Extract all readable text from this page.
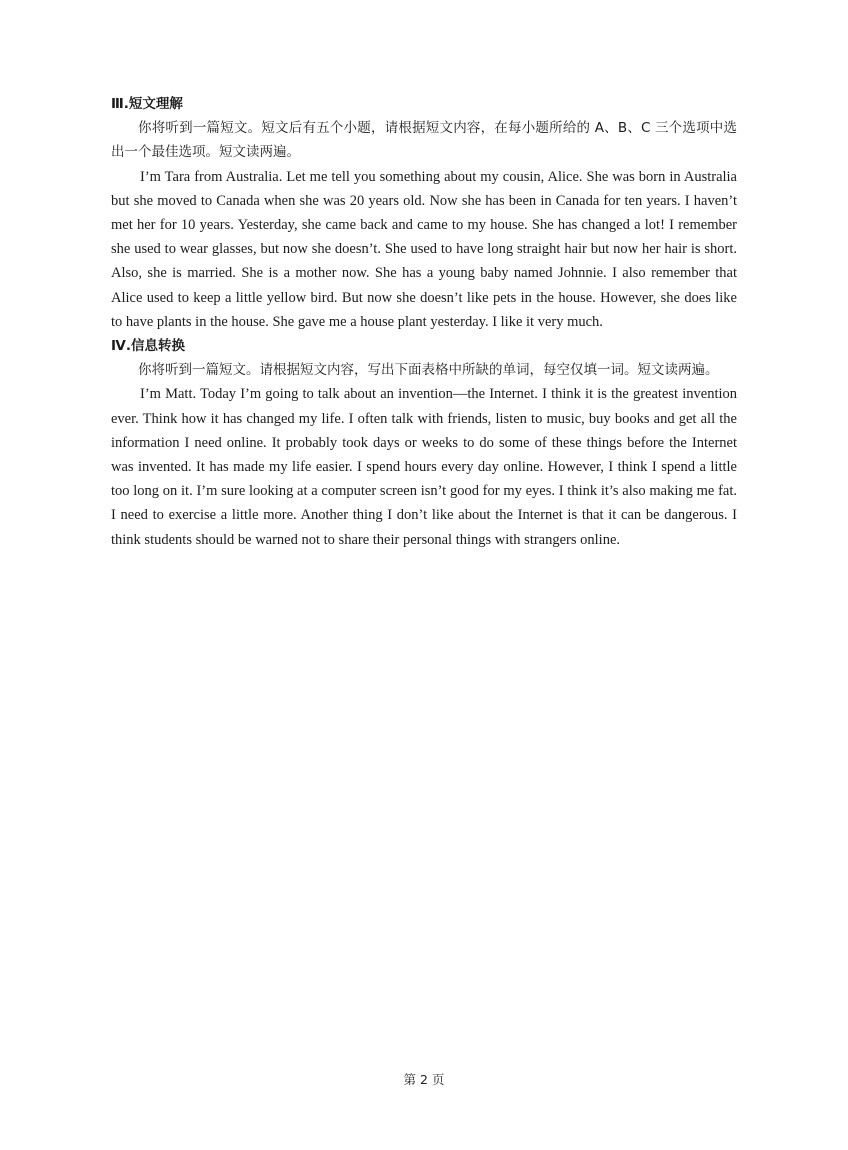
Ⅲ.短文理解

你将听到一篇短文。短文后有五个小题，请根据短文内容，在每小题所给的 A、B、C 三个选项中选出一个最佳选项。短文读两遍。

I’m Tara from Australia. Let me tell you something about my cousin, Alice. She was born in Australia but she moved to Canada when she was 20 years old. Now she has been in Canada for ten years. I haven’t met her for 10 years. Yesterday, she came back and came to my house. She has changed a lot! I remember she used to wear glasses, but now she doesn’t. She used to have long straight hair but now her hair is short. Also, she is married. She is a mother now. She has a young baby named Johnnie. I also remember that Alice used to keep a little yellow bird. But now she doesn’t like pets in the house. However, she does like to have plants in the house. She gave me a house plant yesterday. I like it very much.

Ⅳ.信息转换

你将听到一篇短文。请根据短文内容，写出下面表格中所缺的单词，每空仅填一词。短文读两遍。

I’m Matt. Today I’m going to talk about an invention—the Internet. I think it is the greatest invention ever. Think how it has changed my life. I often talk with friends, listen to music, buy books and get all the information I need online. It probably took days or weeks to do some of these things before the Internet was invented. It has made my life easier. I spend hours every day online. However, I think I spend a little too long on it. I’m sure looking at a computer screen isn’t good for my eyes. I think it’s also making me fat. I need to exercise a little more. Another thing I don’t like about the Internet is that it can be dangerous. I think students should be warned not to share their personal things with strangers online.

第 2 页
